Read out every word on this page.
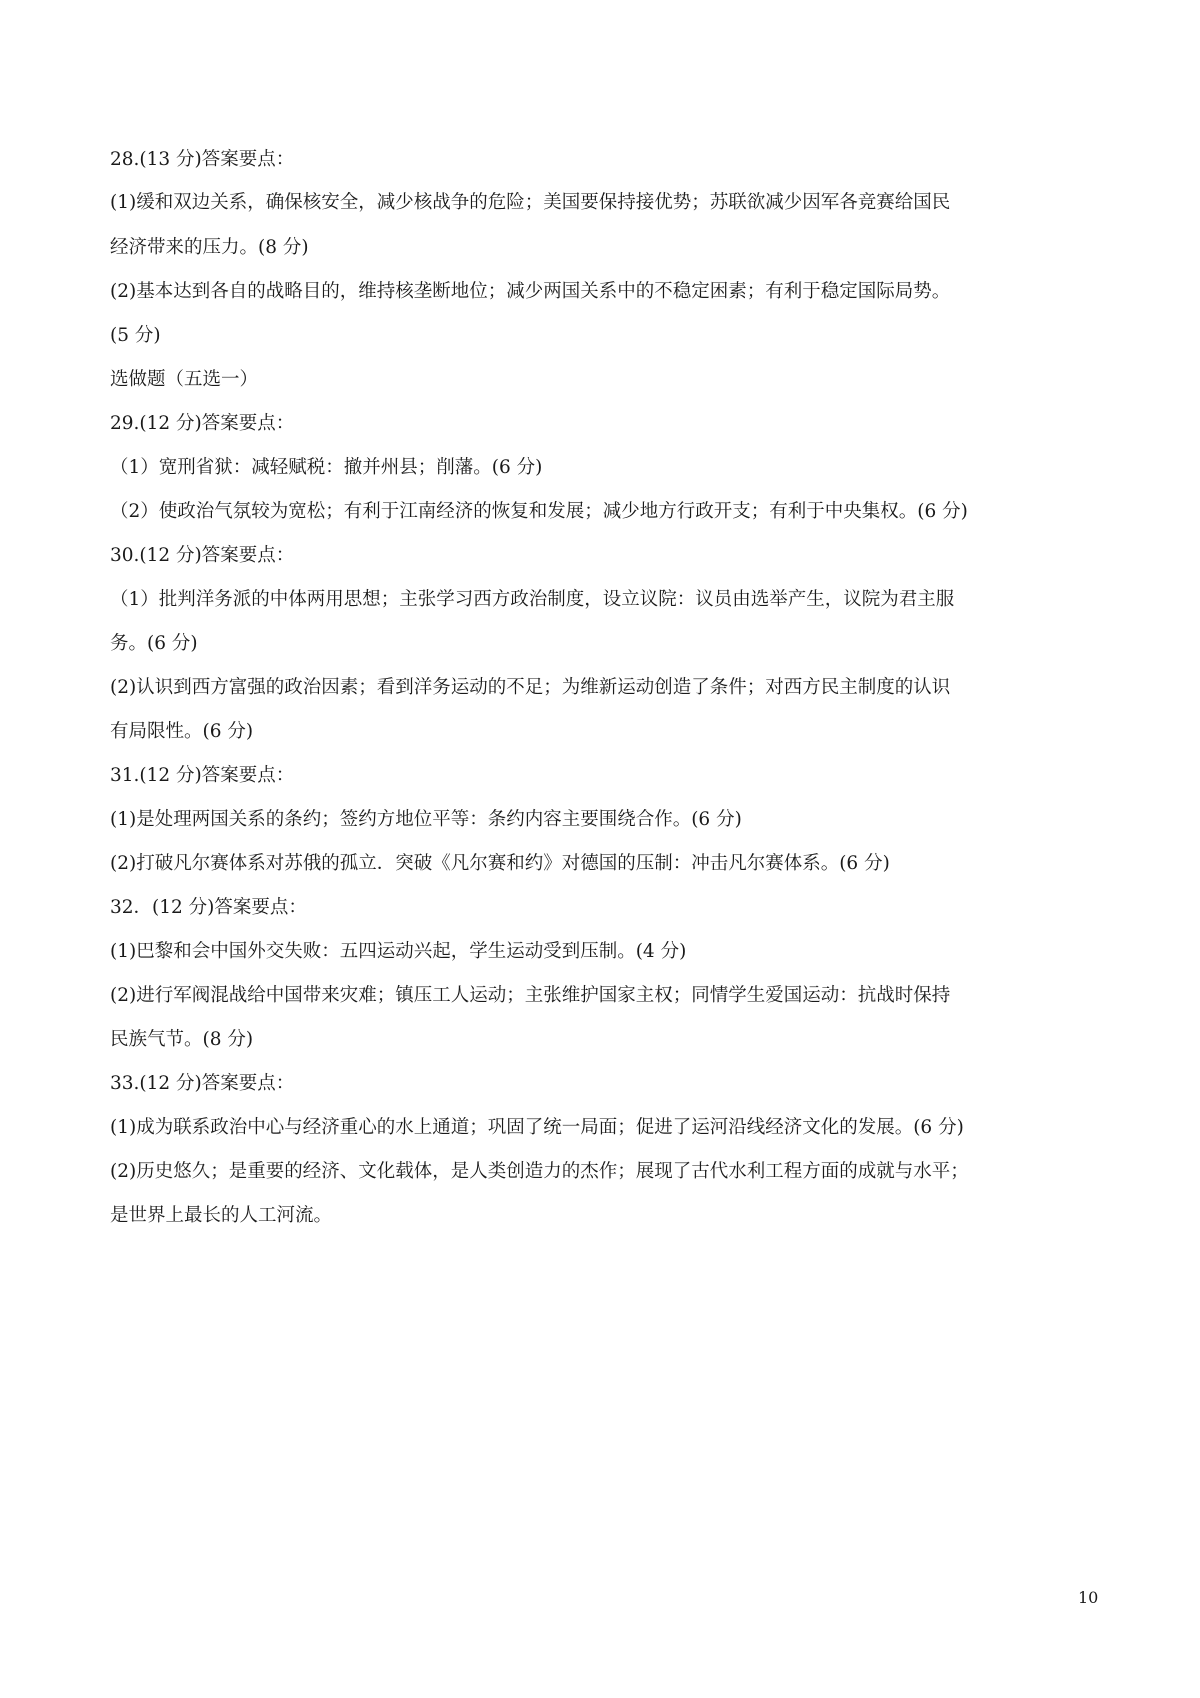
28.(13 分)答案要点：
(1)缓和双边关系，确保核安全，减少核战争的危险；美国要保持接优势；苏联欲减少因军各竞赛给国民
经济带来的压力。(8 分)
(2)基本达到各自的战略目的，维持核垄断地位；减少两国关系中的不稳定困素；有利于稳定国际局势。
(5 分)
选做题（五选一）
29.(12 分)答案要点：
（1）宽刑省狱：减轻赋税：撤并州县；削藩。(6 分)
（2）使政治气氛较为宽松；有利于江南经济的恢复和发展；减少地方行政开支；有利于中央集权。(6 分)
30.(12 分)答案要点：
（1）批判洋务派的中体两用思想；主张学习西方政治制度，设立议院：议员由选举产生，议院为君主服
务。(6 分)
(2)认识到西方富强的政治因素；看到洋务运动的不足；为维新运动创造了条件；对西方民主制度的认识
有局限性。(6 分)
31.(12 分)答案要点：
(1)是处理两国关系的条约；签约方地位平等：条约内容主要围绕合作。(6 分)
(2)打破凡尔赛体系对苏俄的孤立．突破《凡尔赛和约》对德国的压制：冲击凡尔赛体系。(6 分)
32．(12 分)答案要点：
(1)巴黎和会中国外交失败：五四运动兴起，学生运动受到压制。(4 分)
(2)进行军阀混战给中国带来灾难；镇压工人运动；主张维护国家主权；同情学生爱国运动：抗战时保持
民族气节。(8 分)
33.(12 分)答案要点：
(1)成为联系政治中心与经济重心的水上通道；巩固了统一局面；促进了运河沿线经济文化的发展。(6 分)
(2)历史悠久；是重要的经济、文化载体，是人类创造力的杰作；展现了古代水利工程方面的成就与水平；
是世界上最长的人工河流。
10
